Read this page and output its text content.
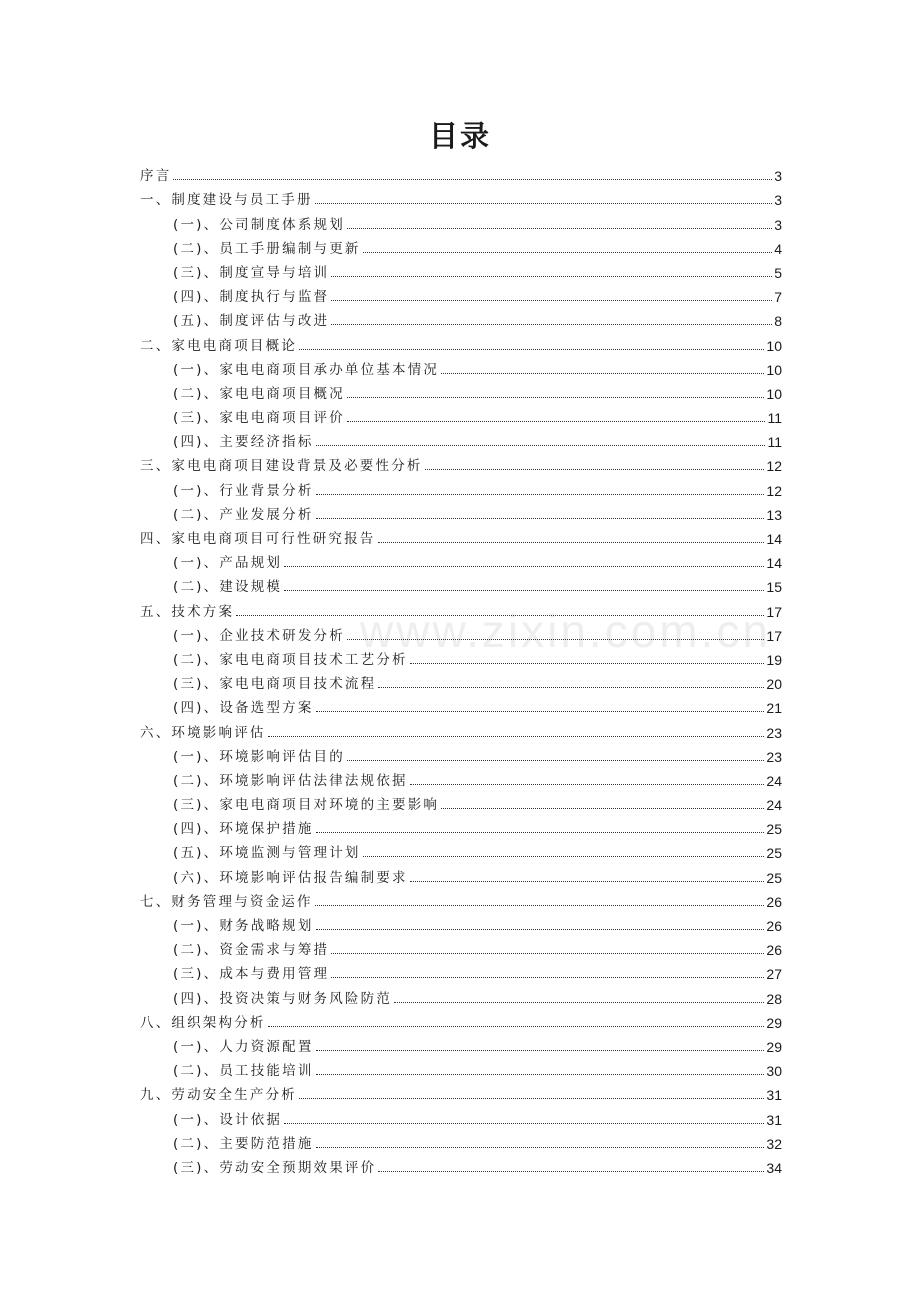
目录
www.zixin.com.cn
序言	3
一、制度建设与员工手册	3
(一)、公司制度体系规划	3
(二)、员工手册编制与更新	4
(三)、制度宣导与培训	5
(四)、制度执行与监督	7
(五)、制度评估与改进	8
二、家电电商项目概论	10
(一)、家电电商项目承办单位基本情况	10
(二)、家电电商项目概况	10
(三)、家电电商项目评价	11
(四)、主要经济指标	11
三、家电电商项目建设背景及必要性分析	12
(一)、行业背景分析	12
(二)、产业发展分析	13
四、家电电商项目可行性研究报告	14
(一)、产品规划	14
(二)、建设规模	15
五、技术方案	17
(一)、企业技术研发分析	17
(二)、家电电商项目技术工艺分析	19
(三)、家电电商项目技术流程	20
(四)、设备选型方案	21
六、环境影响评估	23
(一)、环境影响评估目的	23
(二)、环境影响评估法律法规依据	24
(三)、家电电商项目对环境的主要影响	24
(四)、环境保护措施	25
(五)、环境监测与管理计划	25
(六)、环境影响评估报告编制要求	25
七、财务管理与资金运作	26
(一)、财务战略规划	26
(二)、资金需求与筹措	26
(三)、成本与费用管理	27
(四)、投资决策与财务风险防范	28
八、组织架构分析	29
(一)、人力资源配置	29
(二)、员工技能培训	30
九、劳动安全生产分析	31
(一)、设计依据	31
(二)、主要防范措施	32
(三)、劳动安全预期效果评价	34
